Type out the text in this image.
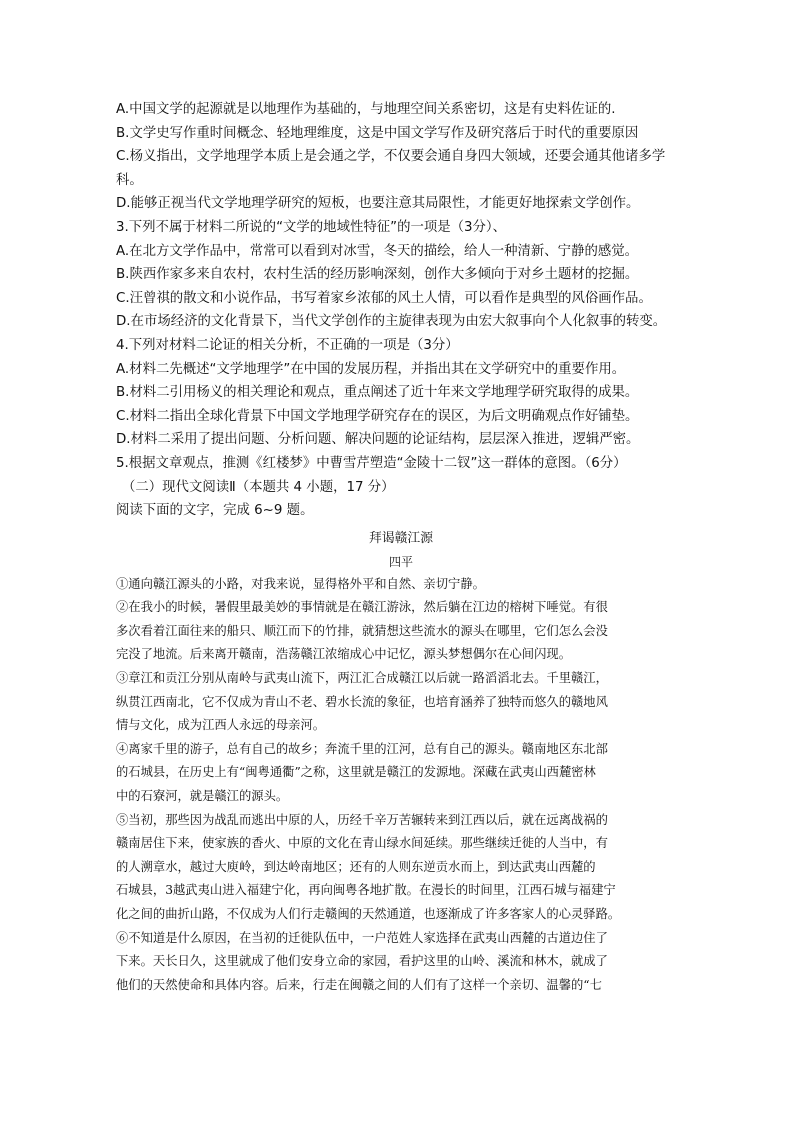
A.中国文学的起源就是以地理作为基础的，与地理空间关系密切，这是有史料佐证的.
B.文学史写作重时间概念、轻地理维度，这是中国文学写作及研究落后于时代的重要原因
C.杨义指出，文学地理学本质上是会通之学，不仅要会通自身四大领域，还要会通其他诸多学
科。
D.能够正视当代文学地理学研究的短板，也要注意其局限性，才能更好地探索文学创作。
3.下列不属于材料二所说的“文学的地域性特征”的一项是（3分）、
A.在北方文学作品中，常常可以看到对冰雪，冬天的描绘，给人一种清新、宁静的感觉。
B.陕西作家多来自农村，农村生活的经历影响深刻，创作大多倾向于对乡土题材的挖掘。
C.汪曾祺的散文和小说作品，书写着家乡浓郁的风土人情，可以看作是典型的风俗画作品。
D.在市场经济的文化背景下，当代文学创作的主旋律表现为由宏大叙事向个人化叙事的转变。
4.下列对材料二论证的相关分析，不正确的一项是（3分）
A.材料二先概述“文学地理学”在中国的发展历程，并指出其在文学研究中的重要作用。
B.材料二引用杨义的相关理论和观点，重点阐述了近十年来文学地理学研究取得的成果。
C.材料二指出全球化背景下中国文学地理学研究存在的误区，为后文明确观点作好铺垫。
D.材料二采用了提出问题、分析问题、解决问题的论证结构，层层深入推进，逻辑严密。
5.根据文章观点，推测《红楼梦》中曹雪芹塑造“金陵十二钗”这一群体的意图。（6分）
（二）现代文阅读Ⅱ（本题共 4 小题，17 分）
阅读下面的文字，完成 6~9 题。
拜谒赣江源
四平
①通向赣江源头的小路，对我来说，显得格外平和自然、亲切宁静。
②在我小的时候，暑假里最美妙的事情就是在赣江游泳，然后躺在江边的榕树下唾觉。有很
多次看着江面往来的船只、顺江而下的竹排，就猜想这些流水的源头在哪里，它们怎么会没
完没了地流。后来离开赣南，浩荡赣江浓缩成心中记忆，源头梦想偶尔在心间闪现。
③章江和贡江分别从南岭与武夷山流下，两江汇合成赣江以后就一路滔滔北去。千里赣江，
纵贯江西南北，它不仅成为青山不老、碧水长流的象征，也培育涵养了独特而悠久的赣地风
情与文化，成为江西人永远的母亲河。
④离家千里的游子，总有自己的故乡；奔流千里的江河，总有自己的源头。赣南地区东北部
的石城县，在历史上有“闽粤通衢”之称，这里就是赣江的发源地。深藏在武夷山西麓密林
中的石寮河，就是赣江的源头。
⑤当初，那些因为战乱而逃出中原的人，历经千辛万苦辗转来到江西以后，就在远离战祸的
赣南居住下来，使家族的香火、中原的文化在青山绿水间延续。那些继续迁徙的人当中，有
的人溯章水，越过大庾岭，到达岭南地区；还有的人则东逆贡水而上，到达武夷山西麓的
石城县，3越武夷山进入福建宁化，再向闽粤各地扩散。在漫长的时间里，江西石城与福建宁
化之间的曲折山路，不仅成为人们行走赣闽的天然通道，也逐渐成了许多客家人的心灵驿路。
⑥不知道是什么原因，在当初的迁徙队伍中，一户范姓人家选择在武夷山西麓的古道边住了
下来。天长日久，这里就成了他们安身立命的家园，看护这里的山岭、溪流和林木，就成了
他们的天然使命和具体内容。后来，行走在闽赣之间的人们有了这样一个亲切、温馨的“七
